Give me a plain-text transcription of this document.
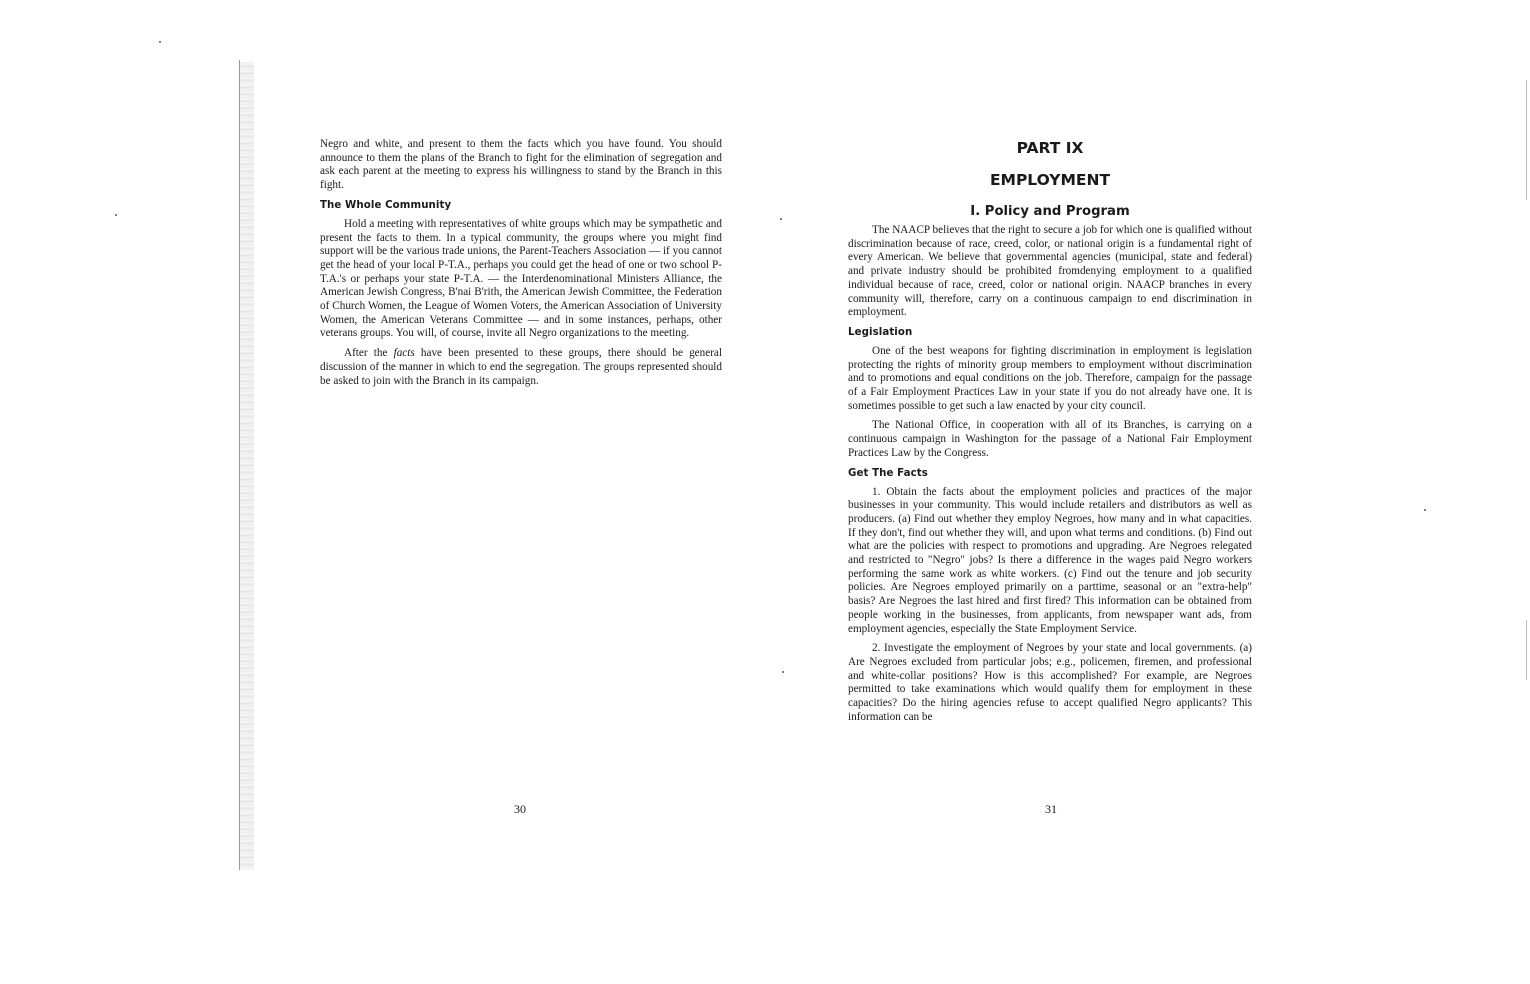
Negro and white, and present to them the facts which you have found. You should announce to them the plans of the Branch to fight for the elimination of segregation and ask each parent at the meeting to express his willingness to stand by the Branch in this fight.

The Whole Community

Hold a meeting with representatives of white groups which may be sympathetic and present the facts to them. In a typical community, the groups where you might find support will be the various trade unions, the Parent-Teachers Association — if you cannot get the head of your local P-T.A., perhaps you could get the head of one or two school P-T.A.'s or perhaps your state P-T.A. — the Interdenominational Ministers Alliance, the American Jewish Congress, B'nai B'rith, the American Jewish Committee, the Federation of Church Women, the League of Women Voters, the American Association of University Women, the American Veterans Committee — and in some instances, perhaps, other veterans groups. You will, of course, invite all Negro organizations to the meeting.

After the facts have been presented to these groups, there should be general discussion of the manner in which to end the segregation. The groups represented should be asked to join with the Branch in its campaign.

30
PART IX
EMPLOYMENT
I. Policy and Program

The NAACP believes that the right to secure a job for which one is qualified without discrimination because of race, creed, color, or national origin is a fundamental right of every American. We believe that governmental agencies (municipal, state and federal) and private industry should be prohibited fromdenying employment to a qualified individual because of race, creed, color or national origin. NAACP branches in every community will, therefore, carry on a continuous campaign to end discrimination in employment.

Legislation

One of the best weapons for fighting discrimination in employment is legislation protecting the rights of minority group members to employment without discrimination and to promotions and equal conditions on the job. Therefore, campaign for the passage of a Fair Employment Practices Law in your state if you do not already have one. It is sometimes possible to get such a law enacted by your city council.

The National Office, in cooperation with all of its Branches, is carrying on a continuous campaign in Washington for the passage of a National Fair Employment Practices Law by the Congress.

Get The Facts

1. Obtain the facts about the employment policies and practices of the major businesses in your community. This would include retailers and distributors as well as producers. (a) Find out whether they employ Negroes, how many and in what capacities. If they don't, find out whether they will, and upon what terms and conditions. (b) Find out what are the policies with respect to promotions and upgrading. Are Negroes relegated and restricted to "Negro" jobs? Is there a difference in the wages paid Negro workers performing the same work as white workers. (c) Find out the tenure and job security policies. Are Negroes employed primarily on a parttime, seasonal or an "extra-help" basis? Are Negroes the last hired and first fired? This information can be obtained from people working in the businesses, from applicants, from newspaper want ads, from employment agencies, especially the State Employment Service.

2. Investigate the employment of Negroes by your state and local governments. (a) Are Negroes excluded from particular jobs; e.g., policemen, firemen, and professional and white-collar positions? How is this accomplished? For example, are Negroes permitted to take examinations which would qualify them for employment in these capacities? Do the hiring agencies refuse to accept qualified Negro applicants? This information can be

31
